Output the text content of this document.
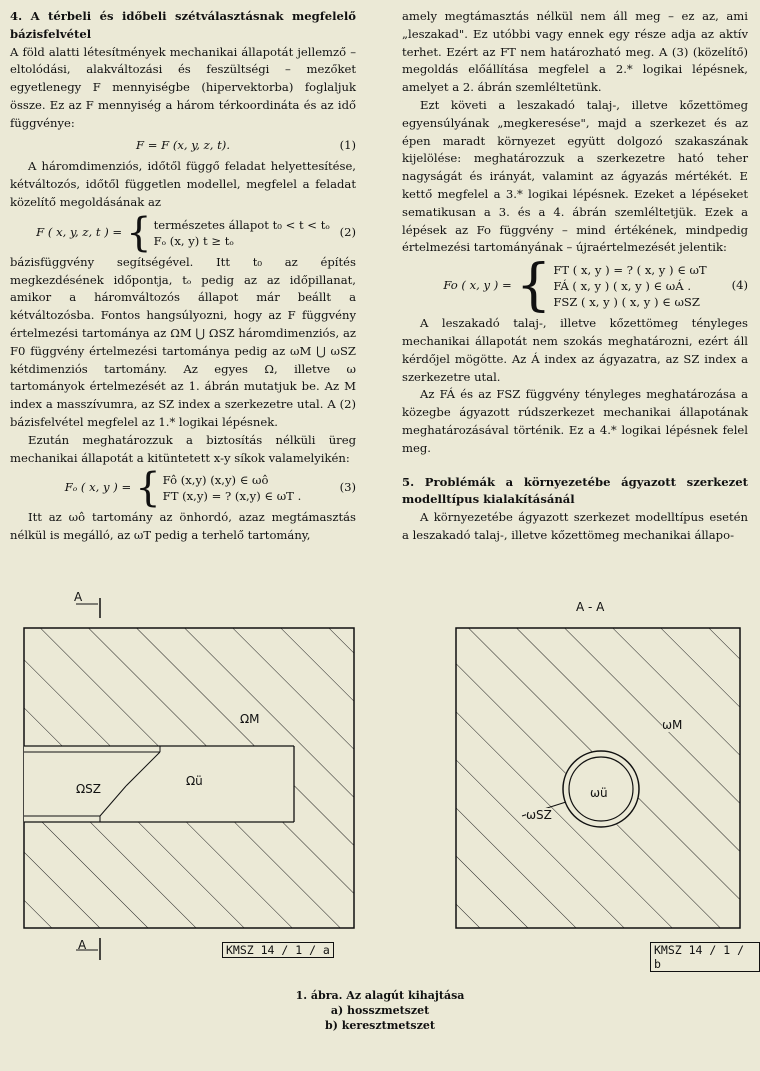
4. A térbeli és időbeli szétválasztásnak megfelelő bázisfelvétel

A föld alatti létesítmények mechanikai állapotát jellemző – eltolódási, alakváltozási és feszültségi – mezőket egyetlenegy F mennyiségbe (hipervektorba) foglaljuk össze. Ez az F mennyiség a három térkoordináta és az idő függvénye:

F = F (x, y, z, t).	(1)

A háromdimenziós, időtől függő feladat helyettesítése, kétváltozós, időtől független modellel, megfelel a feladat közelítő megoldásának az

F ( x, y, z, t ) = { természetes állapot t₀ < t < tₒ
Fₒ (x, y) t ≥ tₒ
(2)

bázisfüggvény segítségével. Itt t₀ az építés megkezdésének időpontja, tₒ pedig az az időpillanat, amikor a háromváltozós állapot már beállt a kétváltozósba. Fontos hangsúlyozni, hogy az F függvény értelmezési tartománya az ΩM ⋃ ΩSZ háromdimenziós, az F0 függvény értelmezési tartománya pedig az ωM ⋃ ωSZ kétdimenziós tartomány. Az egyes Ω, illetve ω tartományok értelmezését az 1. ábrán mutatjuk be. Az M index a masszívumra, az SZ index a szerkezetre utal. A (2) bázisfelvétel megfelel az 1.* logikai lépésnek.

Ezután meghatározzuk a biztosítás nélküli üreg mechanikai állapotát a kitüntetett x-y síkok valamelyikén:

Fₒ ( x, y ) = { Fô (x,y) (x,y) ∈ ωô
FT (x,y) = ? (x,y) ∈ ωT .
(3)

Itt az ωô tartomány az önhordó, azaz megtámasztás nélkül is megálló, az ωT pedig a terhelő tartomány,

amely megtámasztás nélkül nem áll meg – ez az, ami „leszakad". Ez utóbbi vagy ennek egy része adja az aktív terhet. Ezért az FT nem határozható meg. A (3) (közelítő) megoldás előállítása megfelel a 2.* logikai lépésnek, amelyet a 2. ábrán szemléltetünk.

Ezt követi a leszakadó talaj-, illetve kőzettömeg egyensúlyának „megkeresése", majd a szerkezet és az épen maradt környezet együtt dolgozó szakaszának kijelölése: meghatározzuk a szerkezetre ható teher nagyságát és irányát, valamint az ágyazás mértékét. E kettő megfelel a 3.* logikai lépésnek. Ezeket a lépéseket sematikusan a 3. és a 4. ábrán szemléltetjük. Ezek a lépések az Fo függvény – mind értékének, mindpedig értelmezési tartományának – újraértelmezését jelentik:

Fo ( x, y ) = { FT ( x, y ) = ? ( x, y ) ∈ ωT
FÁ ( x, y ) ( x, y ) ∈ ωÁ .
FSZ ( x, y ) ( x, y ) ∈ ωSZ
(4)

A leszakadó talaj-, illetve kőzettömeg tényleges mechanikai állapotát nem szokás meghatározni, ezért áll kérdőjel mögötte. Az Á index az ágyazatra, az SZ index a szerkezetre utal.

Az FÁ és az FSZ függvény tényleges meghatározása a közegbe ágyazott rúdszerkezet mechanikai állapotának meghatározásával történik. Ez a 4.* logikai lépésnek felel meg.

5. Problémák a környezetébe ágyazott szerkezet modelltípus kialakításánál

A környezetébe ágyazott szerkezet modelltípus esetén a leszakadó talaj-, illetve kőzettömeg mechanikai állapo-

A
A
ΩM
Ωü
ΩSZ
KMSZ 14 / 1 / a
A - A
ωM
ωü
ωSZ
KMSZ 14 / 1 / b
1. ábra. Az alagút kihajtása
a) hosszmetszet
b) keresztmetszet
